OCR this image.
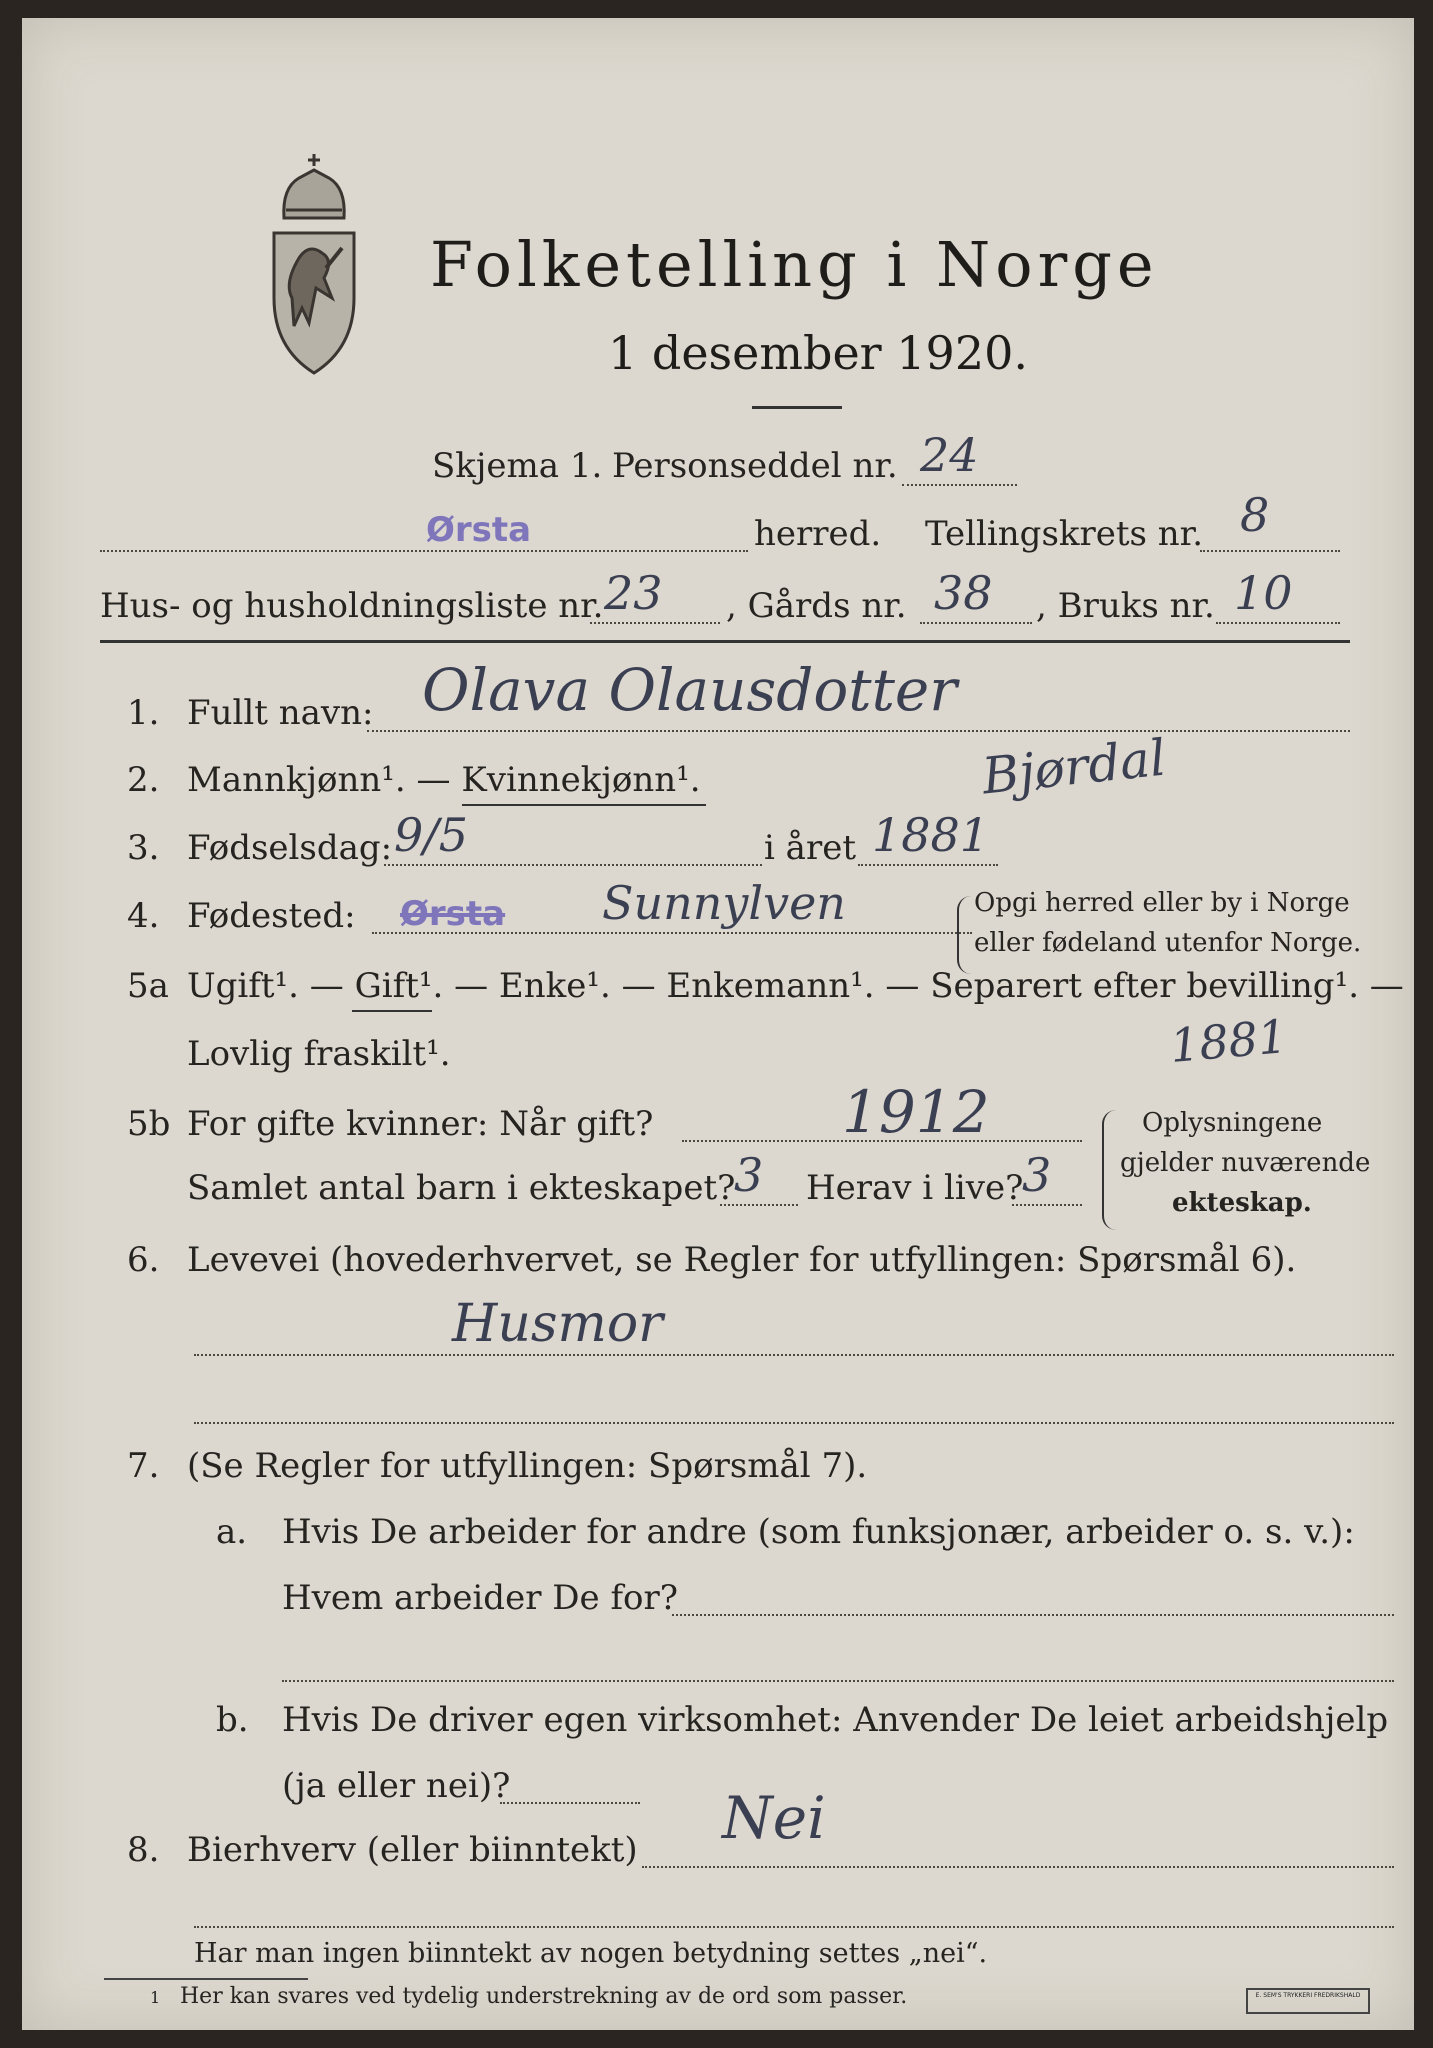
Folketelling i Norge
1 desember 1920.
Skjema 1. Personseddel nr. 24
Ørsta	herred. Tellingskrets nr. 8
Hus- og husholdningsliste nr. 23 , Gårds nr. 38 , Bruks nr. 10
1. Fullt navn: Olava Olausdotter
Bjørdal
2. Mannkjønn¹. — Kvinnekjønn¹.
3. Fødselsdag: 9/5	i året 1881
4. Fødested: Ørsta Sunnylven	Opgi herred eller by i Norge
eller fødeland utenfor Norge.
5a Ugift¹. — Gift¹. — Enke¹. — Enkemann¹. — Separert efter bevilling¹. —
Lovlig fraskilt¹.	1881
5b For gifte kvinner: Når gift?	1912
Samlet antal barn i ekteskapet?
3 Herav i live?
3
Oplysningene
gjelder nuværende
ekteskap.
6. Levevei (hovederhvervet, se Regler for utfyllingen: Spørsmål 6).
Husmor
7. (Se Regler for utfyllingen: Spørsmål 7).
a. Hvis De arbeider for andre (som funksjonær, arbeider o. s. v.):
Hvem arbeider De for?
b. Hvis De driver egen virksomhet: Anvender De leiet arbeidshjelp
(ja eller nei)?
8. Bierhverv (eller biinntekt) Nei
Har man ingen biinntekt av nogen betydning settes „nei“.
1 Her kan svares ved tydelig understrekning av de ord som passer.	E. SEM'S TRYKKERI FREDRIKSHALD
